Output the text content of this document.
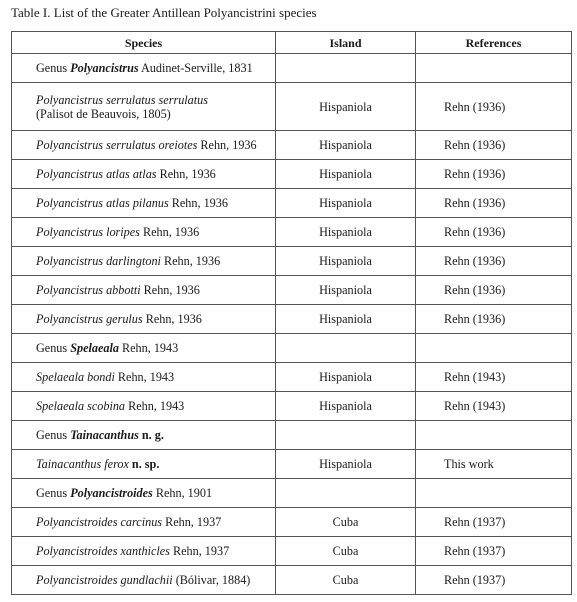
Table I. List of the Greater Antillean Polyancistrini species
Species	Island	References
Genus Polyancistrus Audinet-Serville, 1831		

Polyancistrus serrulatus serrulatus
(Palisot de Beauvois, 1805)	Hispaniola	Rehn (1936)
Polyancistrus serrulatus oreiotes Rehn, 1936	Hispaniola	Rehn (1936)
Polyancistrus atlas atlas Rehn, 1936	Hispaniola	Rehn (1936)
Polyancistrus atlas pilanus Rehn, 1936	Hispaniola	Rehn (1936)
Polyancistrus loripes Rehn, 1936	Hispaniola	Rehn (1936)
Polyancistrus darlingtoni Rehn, 1936	Hispaniola	Rehn (1936)
Polyancistrus abbotti Rehn, 1936	Hispaniola	Rehn (1936)
Polyancistrus gerulus Rehn, 1936	Hispaniola	Rehn (1936)
Genus Spelaeala Rehn, 1943		
Spelaeala bondi Rehn, 1943	Hispaniola	Rehn (1943)
Spelaeala scobina Rehn, 1943	Hispaniola	Rehn (1943)
Genus Tainacanthus n. g.		
Tainacanthus ferox n. sp.	Hispaniola	This work
Genus Polyancistroides Rehn, 1901		
Polyancistroides carcinus Rehn, 1937	Cuba	Rehn (1937)
Polyancistroides xanthicles Rehn, 1937	Cuba	Rehn (1937)
Polyancistroides gundlachii (Bólivar, 1884)	Cuba	Rehn (1937)
